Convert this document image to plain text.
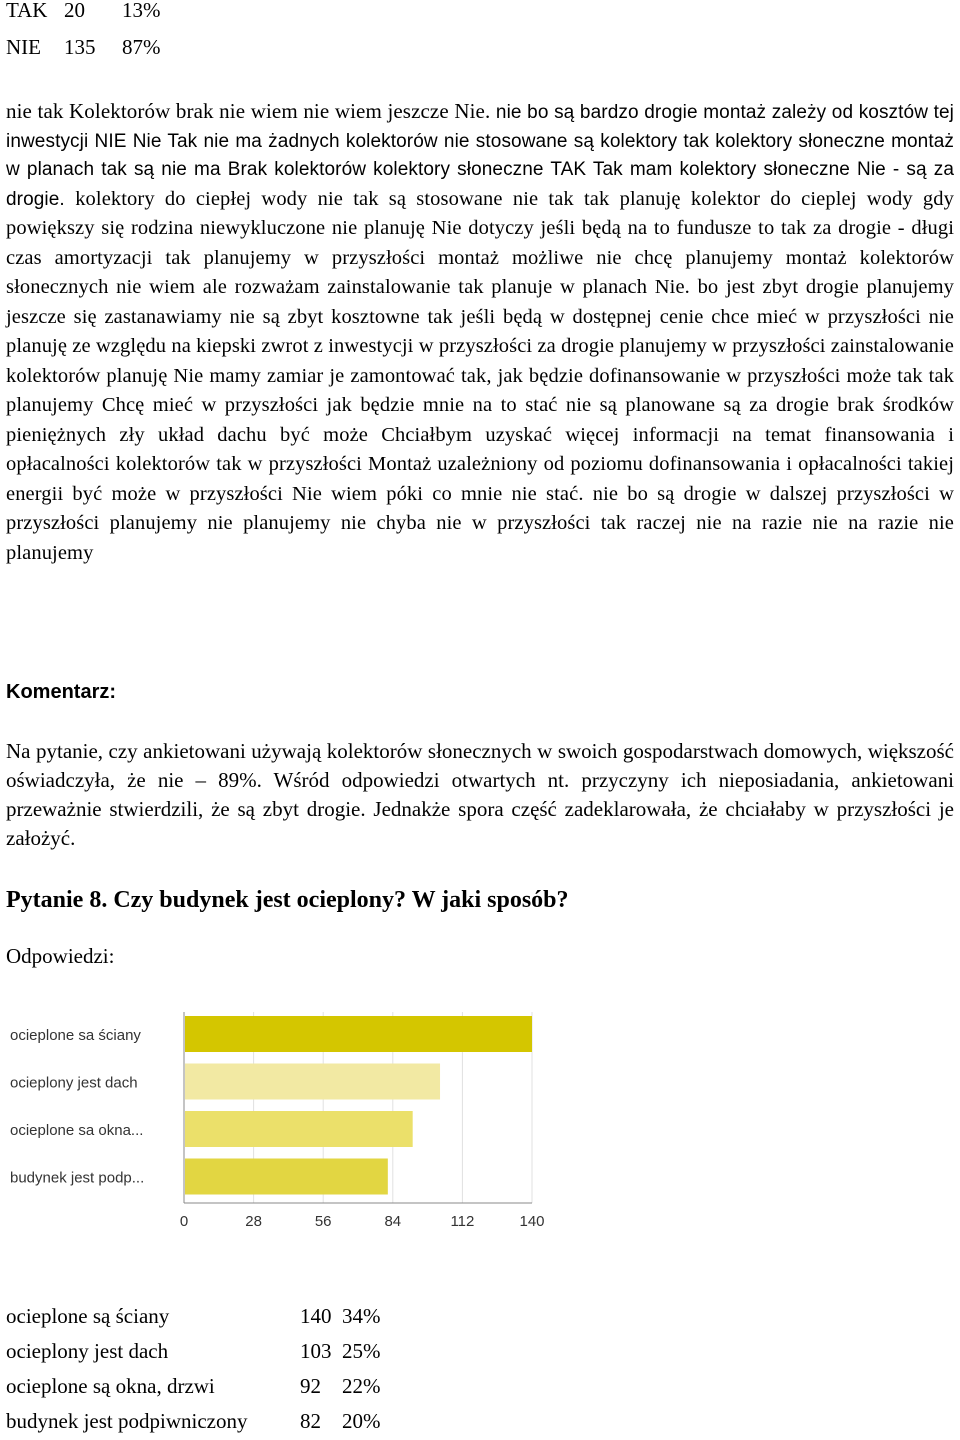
TAK 20 13%
NIE 135 87%
nie tak Kolektorów brak nie wiem nie wiem jeszcze Nie. nie bo są bardzo drogie montaż zależy od kosztów tej inwestycji NIE Nie Tak nie ma żadnych kolektorów nie stosowane są kolektory tak kolektory słoneczne montaż w planach tak są nie ma Brak kolektorów kolektory słoneczne TAK Tak mam kolektory słoneczne Nie - są za drogie. kolektory do ciepłej wody nie tak są stosowane nie tak tak planuję kolektor do cieplej wody gdy powiększy się rodzina niewykluczone nie planuję Nie dotyczy jeśli będą na to fundusze to tak za drogie - długi czas amortyzacji tak planujemy w przyszłości montaż możliwe nie chcę planujemy montaż kolektorów słonecznych nie wiem ale rozważam zainstalowanie tak planuje w planach Nie. bo jest zbyt drogie planujemy jeszcze się zastanawiamy nie są zbyt kosztowne tak jeśli będą w dostępnej cenie chce mieć w przyszłości nie planuję ze względu na kiepski zwrot z inwestycji w przyszłości za drogie planujemy w przyszłości zainstalowanie kolektorów planuję Nie mamy zamiar je zamontować tak, jak będzie dofinansowanie w przyszłości może tak tak planujemy Chcę mieć w przyszłości jak będzie mnie na to stać nie są planowane są za drogie brak środków pieniężnych zły układ dachu być może Chciałbym uzyskać więcej informacji na temat finansowania i opłacalności kolektorów tak w przyszłości Montaż uzależniony od poziomu dofinansowania i opłacalności takiej energii być może w przyszłości Nie wiem póki co mnie nie stać. nie bo są drogie w dalszej przyszłości w przyszłości planujemy nie planujemy nie chyba nie w przyszłości tak raczej nie na razie nie na razie nie planujemy
Komentarz:
Na pytanie, czy ankietowani używają kolektorów słonecznych w swoich gospodarstwach domowych, większość oświadczyła, że nie – 89%. Wśród odpowiedzi otwartych nt. przyczyny ich nieposiadania, ankietowani przeważnie stwierdzili, że są zbyt drogie. Jednakże spora część zadeklarowała, że chciałaby w przyszłości je założyć.
Pytanie 8. Czy budynek jest ocieplony? W jaki sposób?
Odpowiedzi:
0	28	56	84	112	140
ocieplone sa ściany
ocieplony jest dach
ocieplone sa okna...
budynek jest podp...
ocieplone są ściany	140 34%
ocieplony jest dach	103 25%
ocieplone są okna, drzwi	92 22%
budynek jest podpiwniczony	82 20%
